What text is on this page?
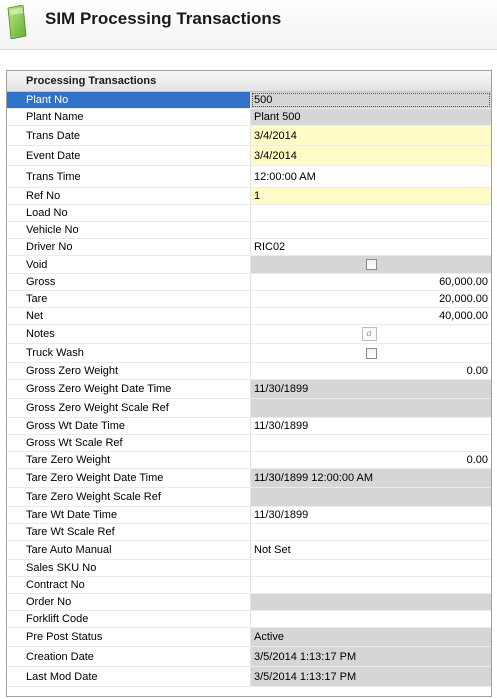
SIM Processing Transactions
Processing Transactions
Plant No	500
Plant Name	Plant 500
Trans Date	3/4/2014
Event Date	3/4/2014
Trans Time	12:00:00 AM
Ref No	1
Load No
Vehicle No
Driver No	RIC02
Void
Gross	60,000.00
Tare	20,000.00
Net	40,000.00
Notes	a
Truck Wash
Gross Zero Weight	0.00
Gross Zero Weight Date Time	11/30/1899
Gross Zero Weight Scale Ref
Gross Wt Date Time	11/30/1899
Gross Wt Scale Ref
Tare Zero Weight	0.00
Tare Zero Weight Date Time	11/30/1899 12:00:00 AM
Tare Zero Weight Scale Ref
Tare Wt Date Time	11/30/1899
Tare Wt Scale Ref
Tare Auto Manual	Not Set
Sales SKU No
Contract No
Order No
Forklift Code
Pre Post Status	Active
Creation Date	3/5/2014 1:13:17 PM
Last Mod Date	3/5/2014 1:13:17 PM
